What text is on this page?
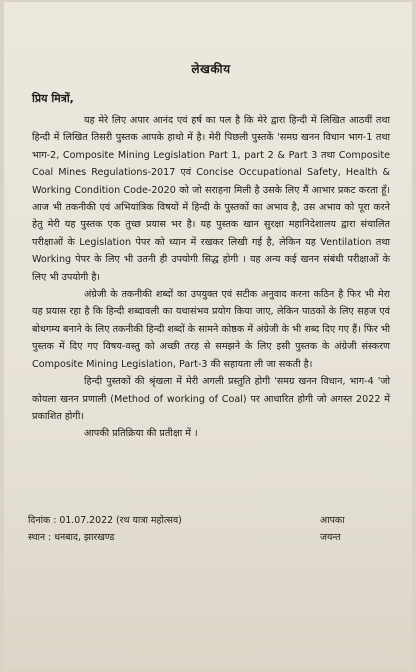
लेखकीय
प्रिय मित्रों,

यह मेरे लिए अपार आनंद एवं हर्ष का पल है कि मेरे द्वारा हिन्दी में लिखित आठवीं तथा हिन्दी में लिखित तिसरी पुस्तक आपके हाथो में है। मेरी पिछली पुस्तकें 'समग्र खनन विधान भाग-1 तथा भाग-2, Composite Mining Legislation Part 1, part 2 & Part 3 तथा Composite Coal Mines Regulations-2017 एवं Concise Occupational Safety, Health & Working Condition Code-2020 को जो सराहना मिली है उसके लिए मैं आभार प्रकट करता हूँ। आज भी तकनीकी एवं अभियांत्रिक विषयों में हिन्दी के पुस्तकों का अभाव है, उस अभाव को पूरा करने हेतु मेरी यह पुस्तक एक तुच्छ प्रयास भर है। यह पुस्तक खान सुरक्षा महानिदेशालय द्वारा संचालित परीक्षाओं के Legislation पेपर को ध्यान में रखकर लिखी गई है, लेकिन यह Ventilation तथा Working पेपर के लिए भी उतनी ही उपयोगी सिद्ध होगी । यह अन्य कई खनन संबंधी परीक्षाओं के लिए भी उपयोगी है।

अंग्रेजी के तकनीकी शब्दों का उपयुक्त एवं सटीक अनुवाद करना कठिन है फिर भी मेरा यह प्रयास रहा है कि हिन्दी शब्दावली का यथासंभव प्रयोग किया जाए, लेकिन पाठकों के लिए सहज एवं बोधगम्य बनाने के लिए तकनीकी हिन्दी शब्दों के सामने कोष्ठक में अंग्रेजी के भी शब्द दिए गए हैं। फिर भी पुस्तक में दिए गए विषय-वस्तु को अच्छी तरह से समझने के लिए इसी पुस्तक के अंग्रेजी संस्करण Composite Mining Legislation, Part-3 की सहायता ली जा सकती है।

हिन्दी पुस्तकों की श्रृंखला में मेरी अगली प्रस्तुति होगी 'समग्र खनन विधान, भाग-4 'जो कोयला खनन प्रणाली (Method of working of Coal) पर आधारित होगी जो अगस्त 2022 में प्रकाशित होगी।

आपकी प्रतिक्रिया की प्रतीक्षा में ।

दिनांक : 01.07.2022 (रथ यात्रा महोत्सव)	आपका
स्थान : धनबाद, झारखण्ड	जयन्त
